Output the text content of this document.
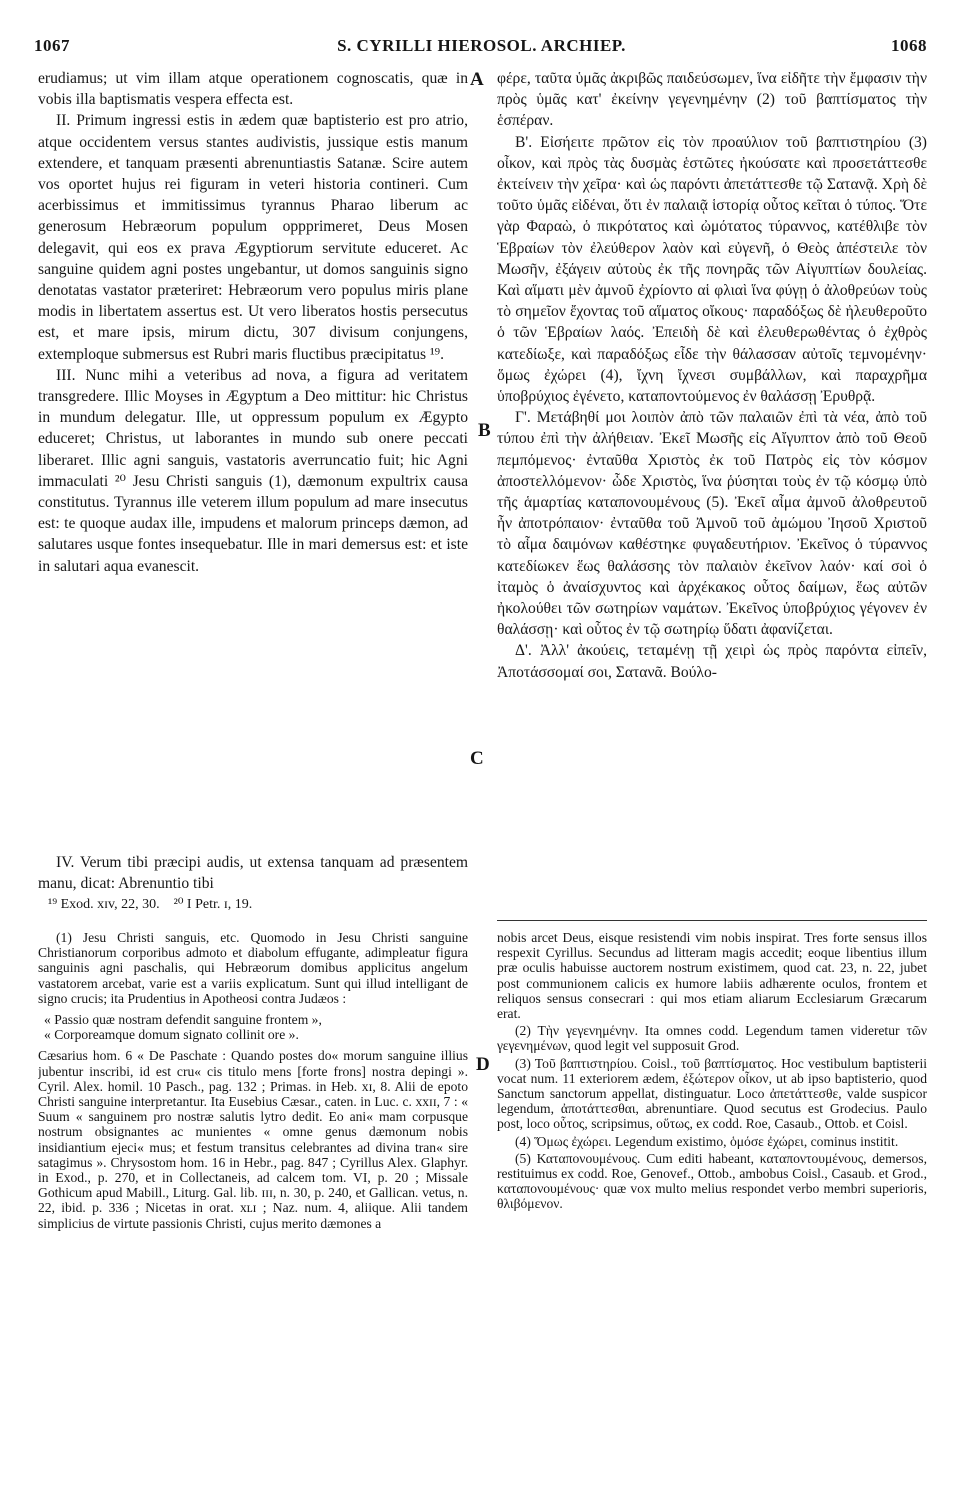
1067	S. CYRILLI HIEROSOL. ARCHIEP.	1068
A
B
C
D

erudiamus; ut vim illam atque operationem cognoscatis, quæ in vobis illa baptismatis vespera effecta est.

II. Primum ingressi estis in ædem quæ baptisterio est pro atrio, atque occidentem versus stantes audivistis, jussique estis manum extendere, et tanquam præsenti abrenuntiastis Satanæ. Scire autem vos oportet hujus rei figuram in veteri historia contineri. Cum acerbissimus et immitissimus tyrannus Pharao liberum ac generosum Hebræorum populum oppprimeret, Deus Mosen delegavit, qui eos ex prava Ægyptiorum servitute educeret. Ac sanguine quidem agni postes ungebantur, ut domos sanguinis signo denotatas vastator præteriret: Hebræorum vero populus miris plane modis in libertatem assertus est. Ut vero liberatos hostis persecutus est, et mare ipsis, mirum dictu, 307 divisum conjungens, extemploque submersus est Rubri maris fluctibus præcipitatus ¹⁹.

III. Nunc mihi a veteribus ad nova, a figura ad veritatem transgredere. Illic Moyses in Ægyptum a Deo mittitur: hic Christus in mundum delegatur. Ille, ut oppressum populum ex Ægypto educeret; Christus, ut laborantes in mundo sub onere peccati liberaret. Illic agni sanguis, vastatoris averruncatio fuit; hic Agni immaculati ²⁰ Jesu Christi sanguis (1), dæmonum expultrix causa constitutus. Tyrannus ille veterem illum populum ad mare insecutus est: te quoque audax ille, impudens et malorum princeps dæmon, ad salutares usque fontes insequebatur. Ille in mari demersus est: et iste in salutari aqua evanescit.

IV. Verum tibi præcipi audis, ut extensa tanquam ad præsentem manu, dicat: Abrenuntio tibi

¹⁹ Exod. xɪv, 22, 30. ²⁰ I Petr. ɪ, 19.

φέρε, ταῦτα ὑμᾶς ἀκριβῶς παιδεύσωμεν, ἵνα εἰδῆτε τὴν ἔμφασιν τὴν πρὸς ὑμᾶς κατ' ἐκείνην γεγενημένην (2) τοῦ βαπτίσματος τὴν ἑσπέραν.

Β'. Εἰσήειτε πρῶτον εἰς τὸν προαύλιον τοῦ βαπτιστηρίου (3) οἶκον, καὶ πρὸς τὰς δυσμὰς ἑστῶτες ἠκούσατε καὶ προσετάττεσθε ἐκτείνειν τὴν χεῖρα· καὶ ὡς παρόντι ἀπετάττεσθε τῷ Σατανᾷ. Χρὴ δὲ τοῦτο ὑμᾶς εἰδέναι, ὅτι ἐν παλαιᾷ ἱστορίᾳ οὗτος κεῖται ὁ τύπος. Ὅτε γὰρ Φαραὼ, ὁ πικρότατος καὶ ὠμότατος τύραννος, κατέθλιβε τὸν Ἑβραίων τὸν ἐλεύθερον λαὸν καὶ εὐγενῆ, ὁ Θεὸς ἀπέστειλε τὸν Μωσῆν, ἐξάγειν αὐτοὺς ἐκ τῆς πονηρᾶς τῶν Αἰγυπτίων δουλείας. Καὶ αἵματι μὲν ἀμνοῦ ἐχρίοντο αἱ φλιαὶ ἵνα φύγῃ ὁ ἀλοθρεύων τοὺς τὸ σημεῖον ἔχοντας τοῦ αἵματος οἴκους· παραδόξως δὲ ἠλευθεροῦτο ὁ τῶν Ἑβραίων λαός. Ἐπειδὴ δὲ καὶ ἐλευθερωθέντας ὁ ἐχθρὸς κατεδίωξε, καὶ παραδόξως εἶδε τὴν θάλασσαν αὐτοῖς τεμνομένην· ὅμως ἐχώρει (4), ἴχνη ἴχνεσι συμβάλλων, καὶ παραχρῆμα ὑποβρύχιος ἐγένετο, καταποντούμενος ἐν θαλάσσῃ Ἐρυθρᾷ.

Γ'. Μετάβηθί μοι λοιπὸν ἀπὸ τῶν παλαιῶν ἐπὶ τὰ νέα, ἀπὸ τοῦ τύπου ἐπὶ τὴν ἀλήθειαν. Ἐκεῖ Μωσῆς εἰς Αἴγυπτον ἀπὸ τοῦ Θεοῦ πεμπόμενος· ἐνταῦθα Χριστὸς ἐκ τοῦ Πατρὸς εἰς τὸν κόσμον ἀποστελλόμενον· ὧδε Χριστὸς, ἵνα ῥύσηται τοὺς ἐν τῷ κόσμῳ ὑπὸ τῆς ἁμαρτίας καταπονουμένους (5). Ἐκεῖ αἷμα ἀμνοῦ ἀλοθρευτοῦ ἦν ἀποτρόπαιον· ἐνταῦθα τοῦ Ἀμνοῦ τοῦ ἀμώμου Ἰησοῦ Χριστοῦ τὸ αἷμα δαιμόνων καθέστηκε φυγαδευτήριον. Ἐκεῖνος ὁ τύραννος κατεδίωκεν ἕως θαλάσσης τὸν παλαιὸν ἐκεῖνον λαόν· καί σοὶ ὁ ἰταμὸς ὁ ἀναίσχυντος καὶ ἀρχέκακος οὗτος δαίμων, ἕως αὐτῶν ἠκολούθει τῶν σωτηρίων ναμάτων. Ἐκεῖνος ὑποβρύχιος γέγονεν ἐν θαλάσσῃ· καὶ οὗτος ἐν τῷ σωτηρίῳ ὕδατι ἀφανίζεται.

Δ'. Ἀλλ' ἀκούεις, τεταμένῃ τῇ χειρὶ ὡς πρὸς παρόντα εἰπεῖν, Ἀποτάσσομαί σοι, Σατανᾶ. Βούλο-

(1) Jesu Christi sanguis, etc. Quomodo in Jesu Christi sanguine Christianorum corporibus admoto et diabolum effugante, adimpleatur figura sanguinis agni paschalis, qui Hebræorum domibus applicitus angelum vastatorem arcebat, varie est a variis explicatum. Sunt qui illud intelligant de signo crucis; ita Prudentius in Apotheosi contra Judæos :

« Passio quæ nostram defendit sanguine frontem »,

« Corporeamque domum signato collinit ore ».

Cæsarius hom. 6 « De Paschate : Quando postes do« morum sanguine illius jubentur inscribi, id est cru« cis titulo mens [forte frons] nostra depingi ». Cyril. Alex. homil. 10 Pasch., pag. 132 ; Primas. in Heb. xɪ, 8. Alii de epoto Christi sanguine interpretantur. Ita Eusebius Cæsar., caten. in Luc. c. xxɪɪ, 7 : « Suum « sanguinem pro nostræ salutis lytro dedit. Eo ani« mam corpusque nostrum obsignantes ac munientes « omne genus dæmonum nobis insidiantium ejeci« mus; et festum transitus celebrantes ad divina tran« sire satagimus ». Chrysostom hom. 16 in Hebr., pag. 847 ; Cyrillus Alex. Glaphyr. in Exod., p. 270, et in Collectaneis, ad calcem tom. VI, p. 20 ; Missale Gothicum apud Mabill., Liturg. Gal. lib. ɪɪɪ, n. 30, p. 240, et Gallican. vetus, n. 22, ibid. p. 336 ; Nicetas in orat. xʟɪ ; Naz. num. 4, aliique. Alii tandem simplicius de virtute passionis Christi, cujus merito dæmones a

nobis arcet Deus, eisque resistendi vim nobis inspirat. Tres forte sensus illos respexit Cyrillus. Secundus ad litteram magis accedit; eoque libentius illum præ oculis habuisse auctorem nostrum existimem, quod cat. 23, n. 22, jubet post communionem calicis ex humore labiis adhærente oculos, frontem et reliquos sensus consecrari : qui mos etiam aliarum Ecclesiarum Græcarum erat.

(2) Τὴν γεγενημένην. Ita omnes codd. Legendum tamen videretur τῶν γεγενημένων, quod legit vel supposuit Grod.

(3) Τοῦ βαπτιστηρίου. Coisl., τοῦ βαπτίσματος. Hoc vestibulum baptisterii vocat num. 11 exteriorem ædem, ἐξώτερον οἶκον, ut ab ipso baptisterio, quod Sanctum sanctorum appellat, distinguatur. Loco ἀπετάττεσθε, valde suspicor legendum, ἀποτάττεσθαι, abrenuntiare. Quod secutus est Grodecius. Paulo post, loco οὗτος, scripsimus, οὕτως, ex codd. Roe, Casaub., Ottob. et Coisl.

(4) Ὅμως ἐχώρει. Legendum existimo, ὁμόσε ἐχώρει, cominus institit.

(5) Καταπονουμένους. Cum editi habeant, καταποντουμένους, demersos, restituimus ex codd. Roe, Genovef., Ottob., ambobus Coisl., Casaub. et Grod., καταπονουμένους· quæ vox multo melius respondet verbo membri superioris, θλιβόμενον.
